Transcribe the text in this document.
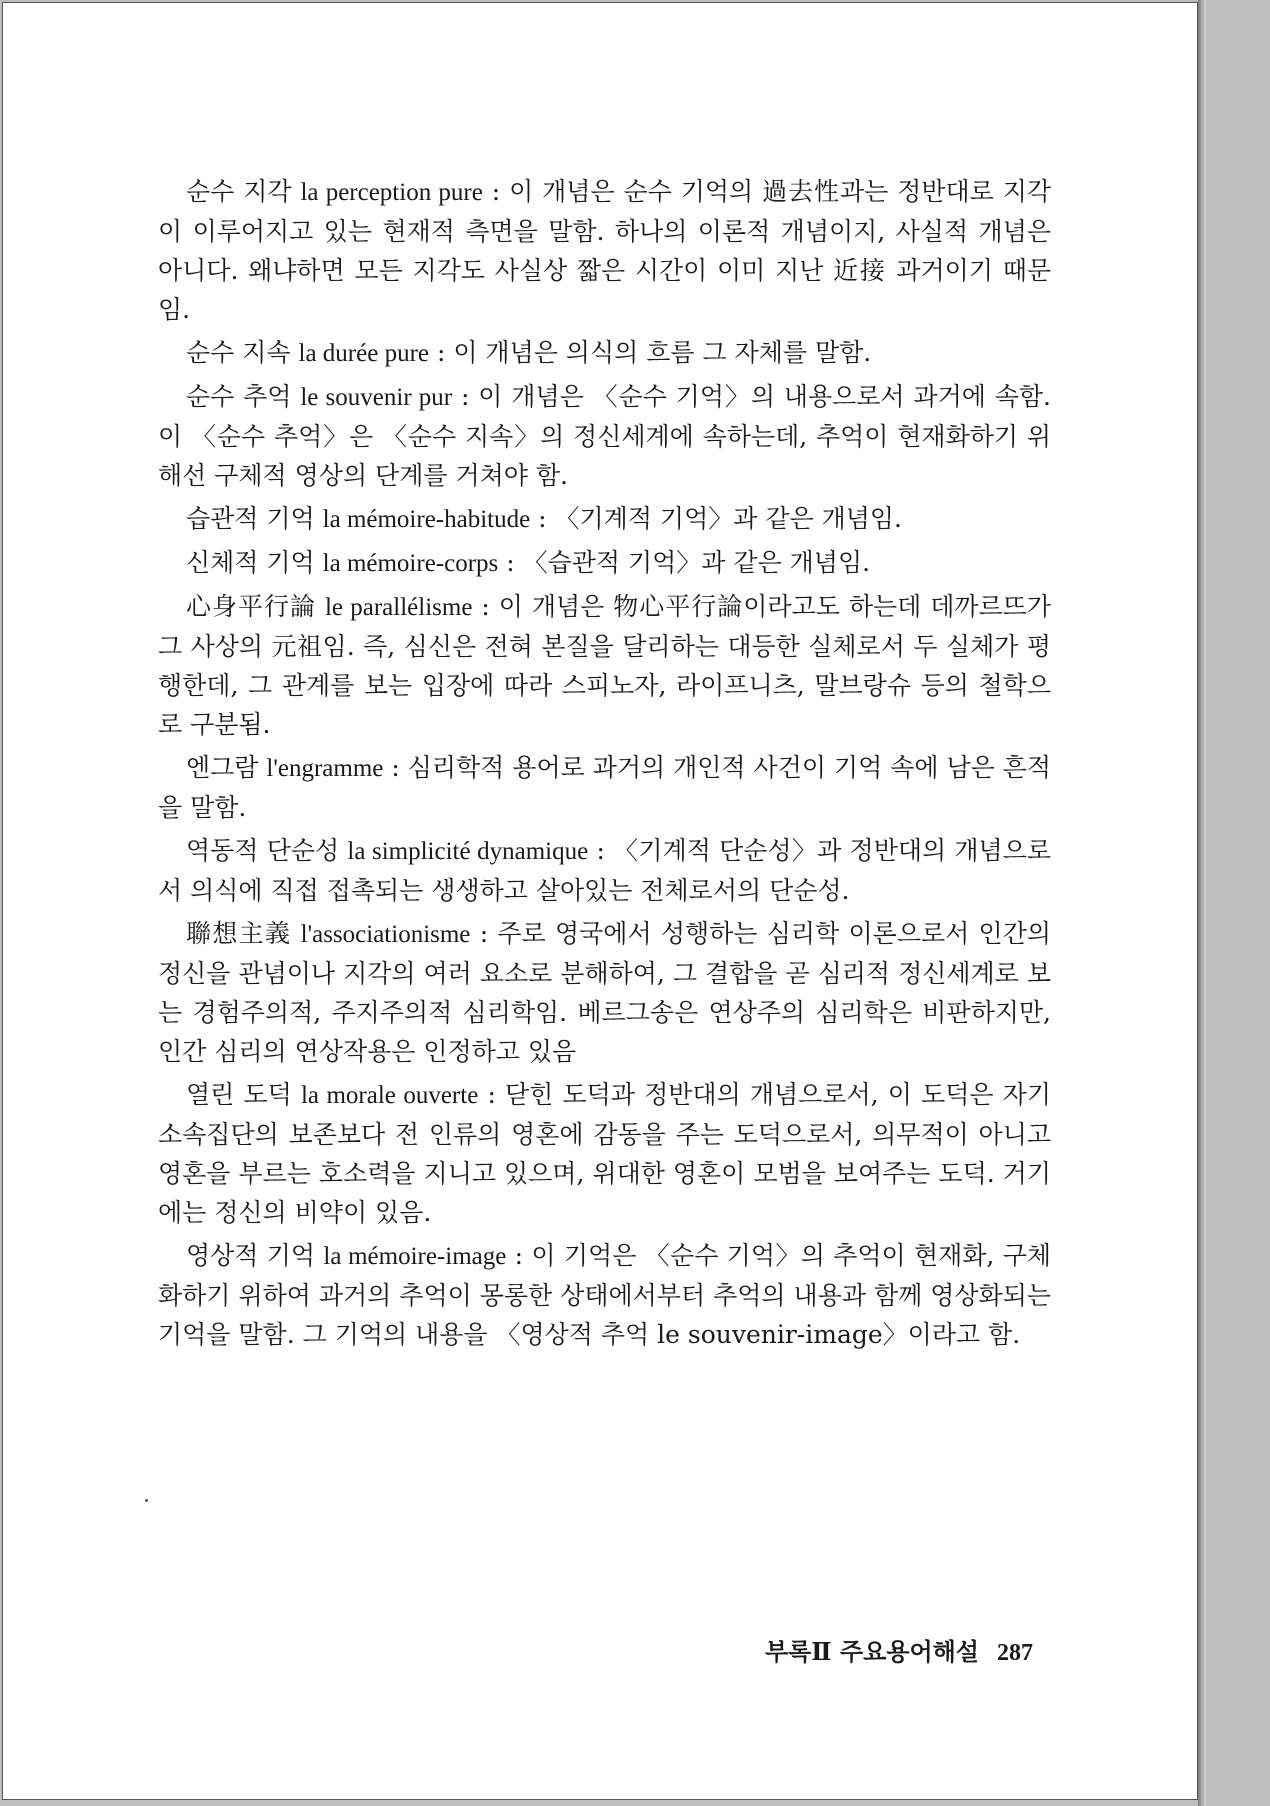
순수 지각 la perception pure : 이 개념은 순수 기억의 過去性과는 정반대로 지각이 이루어지고 있는 현재적 측면을 말함. 하나의 이론적 개념이지, 사실적 개념은 아니다. 왜냐하면 모든 지각도 사실상 짧은 시간이 이미 지난 近接 과거이기 때문임.

순수 지속 la durée pure : 이 개념은 의식의 흐름 그 자체를 말함.

순수 추억 le souvenir pur : 이 개념은 〈순수 기억〉의 내용으로서 과거에 속함. 이 〈순수 추억〉은 〈순수 지속〉의 정신세계에 속하는데, 추억이 현재화하기 위해선 구체적 영상의 단계를 거쳐야 함.

습관적 기억 la mémoire-habitude : 〈기계적 기억〉과 같은 개념임.

신체적 기억 la mémoire-corps : 〈습관적 기억〉과 같은 개념임.

心身平行論 le parallélisme : 이 개념은 物心平行論이라고도 하는데 데까르뜨가 그 사상의 元祖임. 즉, 심신은 전혀 본질을 달리하는 대등한 실체로서 두 실체가 평행한데, 그 관계를 보는 입장에 따라 스피노자, 라이프니츠, 말브랑슈 등의 철학으로 구분됨.

엔그람 l'engramme : 심리학적 용어로 과거의 개인적 사건이 기억 속에 남은 흔적을 말함.

역동적 단순성 la simplicité dynamique : 〈기계적 단순성〉과 정반대의 개념으로서 의식에 직접 접촉되는 생생하고 살아있는 전체로서의 단순성.

聯想主義 l'associationisme : 주로 영국에서 성행하는 심리학 이론으로서 인간의 정신을 관념이나 지각의 여러 요소로 분해하여, 그 결합을 곧 심리적 정신세계로 보는 경험주의적, 주지주의적 심리학임. 베르그송은 연상주의 심리학은 비판하지만, 인간 심리의 연상작용은 인정하고 있음

열린 도덕 la morale ouverte : 닫힌 도덕과 정반대의 개념으로서, 이 도덕은 자기 소속집단의 보존보다 전 인류의 영혼에 감동을 주는 도덕으로서, 의무적이 아니고 영혼을 부르는 호소력을 지니고 있으며, 위대한 영혼이 모범을 보여주는 도덕. 거기에는 정신의 비약이 있음.

영상적 기억 la mémoire-image : 이 기억은 〈순수 기억〉의 추억이 현재화, 구체화하기 위하여 과거의 추억이 몽롱한 상태에서부터 추억의 내용과 함께 영상화되는 기억을 말함. 그 기억의 내용을 〈영상적 추억 le souvenir-image〉이라고 함.

부록Ⅱ 주요용어해설 287
